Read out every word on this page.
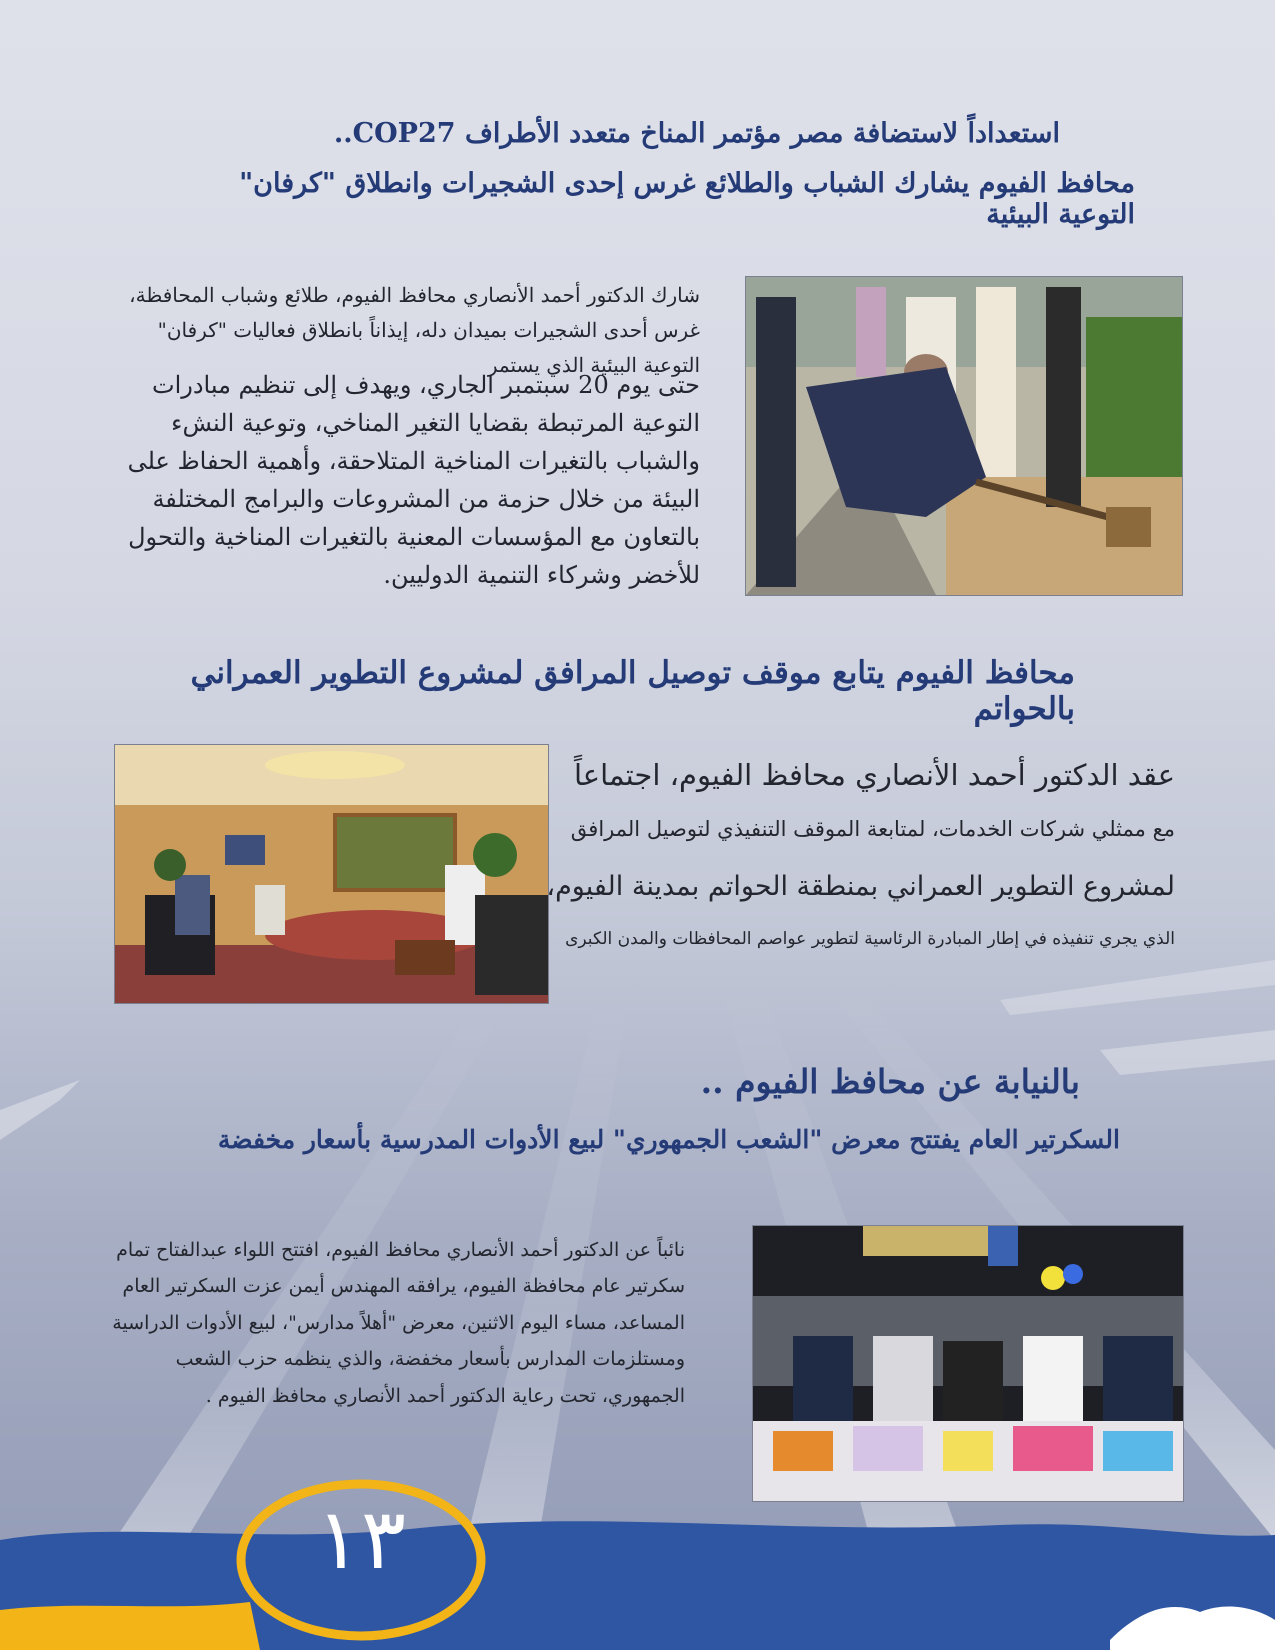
استعداداً لاستضافة مصر مؤتمر المناخ متعدد الأطراف COP27..
محافظ الفيوم يشارك الشباب والطلائع غرس إحدى الشجيرات وانطلاق "كرفان" التوعية البيئية
شارك الدكتور أحمد الأنصاري محافظ الفيوم، طلائع وشباب المحافظة، غرس أحدى الشجيرات بميدان دله، إيذاناً بانطلاق فعاليات "كرفان" التوعية البيئية الذي يستمر
حتى يوم 20 سبتمبر الجاري، ويهدف إلى تنظيم مبادرات التوعية المرتبطة بقضايا التغير المناخي، وتوعية النشء والشباب بالتغيرات المناخية المتلاحقة، وأهمية الحفاظ على البيئة من خلال حزمة من المشروعات والبرامج المختلفة بالتعاون مع المؤسسات المعنية بالتغيرات المناخية والتحول للأخضر وشركاء التنمية الدوليين.
محافظ الفيوم يتابع موقف توصيل المرافق لمشروع التطوير العمراني بالحواتم
عقد الدكتور أحمد الأنصاري محافظ الفيوم، اجتماعاً
مع ممثلي شركات الخدمات، لمتابعة الموقف التنفيذي لتوصيل المرافق
لمشروع التطوير العمراني بمنطقة الحواتم بمدينة الفيوم،
الذي يجري تنفيذه في إطار المبادرة الرئاسية لتطوير عواصم المحافظات والمدن الكبرى
بالنيابة عن محافظ الفيوم ..
السكرتير العام يفتتح معرض "الشعب الجمهوري" لبيع الأدوات المدرسية بأسعار مخفضة
نائباً عن الدكتور أحمد الأنصاري محافظ الفيوم، افتتح اللواء عبدالفتاح تمام سكرتير عام محافظة الفيوم، يرافقه المهندس أيمن عزت السكرتير العام المساعد، مساء اليوم الاثنين، معرض "أهلاً مدارس"، لبيع الأدوات الدراسية ومستلزمات المدارس بأسعار مخفضة، والذي ينظمه حزب الشعب الجمهوري، تحت رعاية الدكتور أحمد الأنصاري محافظ الفيوم .
١٣
